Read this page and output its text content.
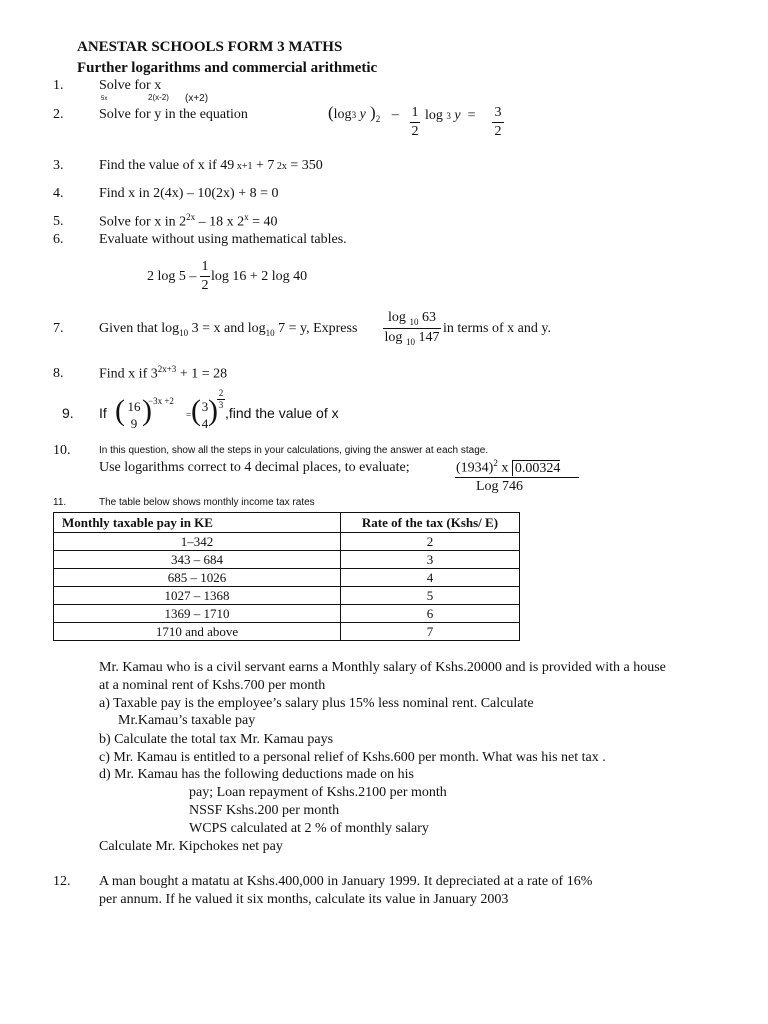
ANESTAR SCHOOLS FORM 3 MATHS
Further logarithms and commercial arithmetic
1.	Solve for x
5x	2(x-2) (x+2)
2.	Solve for y in the equation	(log3 y )$_2 - 1$
2
log 3 y  = 3
2
3.	Find the value of x if 49 x+1 + 7 2x = 350
4.	Find x in 2(4x) – 10(2x) + 8 = 0
5.	Solve for x in $2^{2x} - 18$ x $2^x = 40$
6.	Evaluate without using mathematical tables.
2 log 5 –
1
2
log 16 + 2 log 40
7.	Given that $\log_{10} 3 = x$ and $\log_{10} 7 = y$, Express
log $_{10}$ 63
log $_{10}$ 147
in terms of x and y.
8.	Find x if $3^{2x+3} + 1 = 28$
9. If ( 16
9 )
−3x +2
= ( 3
4 )
2
3 ,find the value of x
10.	In this question, show all the steps in your calculations, giving the answer at each stage.
Use logarithms correct to 4 decimal places, to evaluate;	$(1934)^2$ x 0.00324
Log 746
11.	The table below shows monthly income tax rates
Monthly taxable pay in KE	Rate of the tax (Kshs/ E)
1–342	2
343 – 684	3
685 – 1026	4
1027 – 1368	5
1369 – 1710	6
1710 and above	7
Mr. Kamau who is a civil servant earns a Monthly salary of Kshs.20000 and is provided with a house
at a nominal rent of Kshs.700 per month
a) Taxable pay is the employee’s salary plus 15% less nominal rent. Calculate
Mr.Kamau’s taxable pay
b) Calculate the total tax Mr. Kamau pays
c) Mr. Kamau is entitled to a personal relief of Kshs.600 per month. What was his net tax .
d) Mr. Kamau has the following deductions made on his
pay; Loan repayment of Kshs.2100 per month
NSSF Kshs.200 per month
WCPS calculated at 2 % of monthly salary
Calculate Mr. Kipchokes net pay
12. A man bought a matatu at Kshs.400,000 in January 1999. It depreciated at a rate of 16%
per annum. If he valued it six months, calculate its value in January 2003
